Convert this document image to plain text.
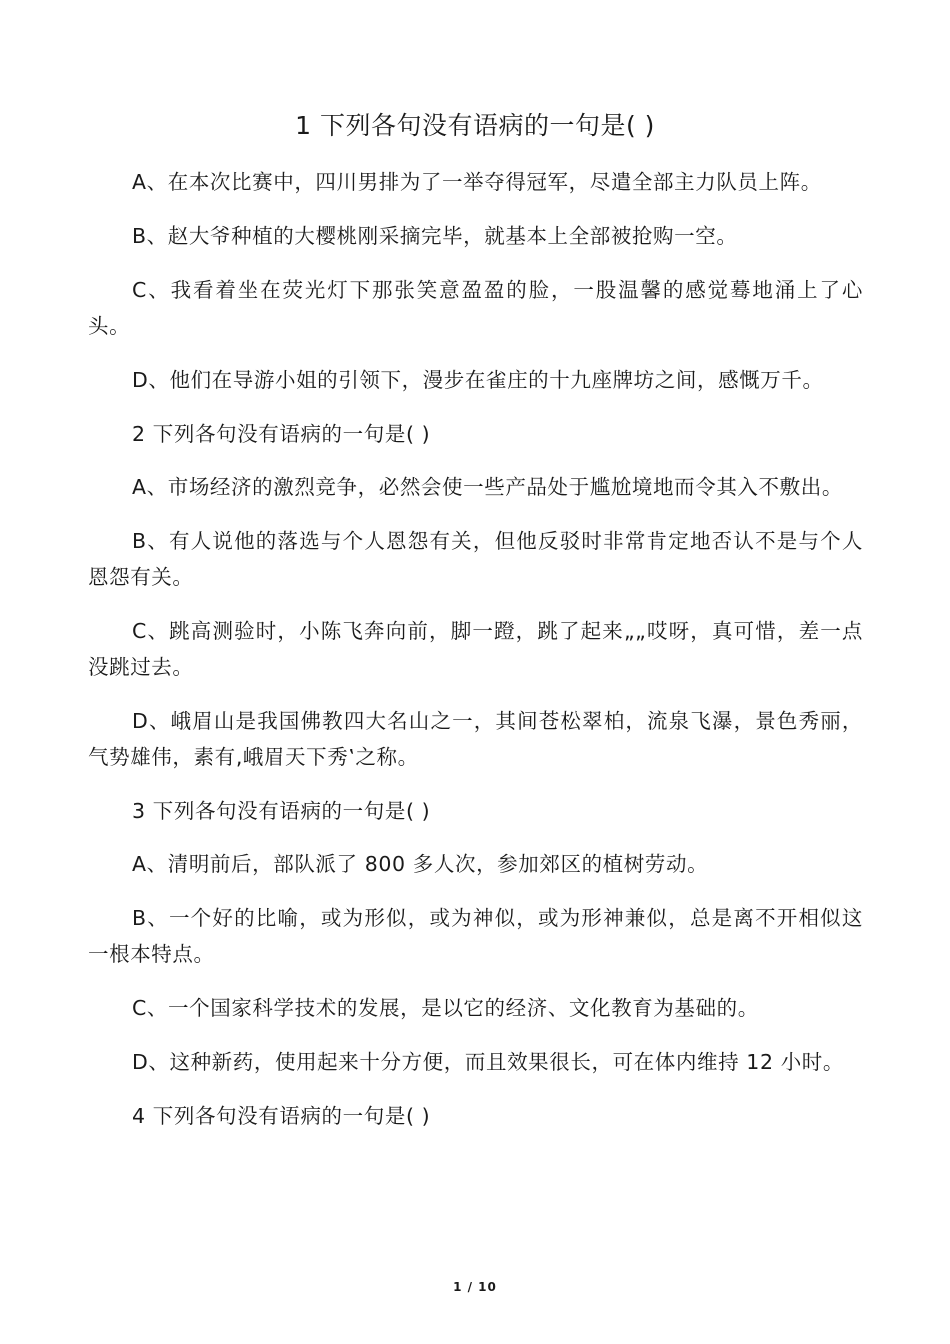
1 下列各句没有语病的一句是( )

A、在本次比赛中，四川男排为了一举夺得冠军，尽遣全部主力队员上阵。

B、赵大爷种植的大樱桃刚采摘完毕，就基本上全部被抢购一空。

C、我看着坐在荧光灯下那张笑意盈盈的脸，一股温馨的感觉蓦地涌上了心头。

D、他们在导游小姐的引领下，漫步在雀庄的十九座牌坊之间，感慨万千。

2 下列各句没有语病的一句是( )

A、市场经济的激烈竞争，必然会使一些产品处于尴尬境地而令其入不敷出。

B、有人说他的落选与个人恩怨有关，但他反驳时非常肯定地否认不是与个人恩怨有关。

C、跳高测验时，小陈飞奔向前，脚一蹬，跳了起来„„哎呀，真可惜，差一点没跳过去。

D、峨眉山是我国佛教四大名山之一，其间苍松翠柏，流泉飞瀑，景色秀丽，气势雄伟，素有‚峨眉天下秀‛之称。

3 下列各句没有语病的一句是( )

A、清明前后，部队派了 800 多人次，参加郊区的植树劳动。

B、一个好的比喻，或为形似，或为神似，或为形神兼似，总是离不开相似这一根本特点。

C、一个国家科学技术的发展，是以它的经济、文化教育为基础的。

D、这种新药，使用起来十分方便，而且效果很长，可在体内维持 12 小时。

4 下列各句没有语病的一句是( )

1 / 10
